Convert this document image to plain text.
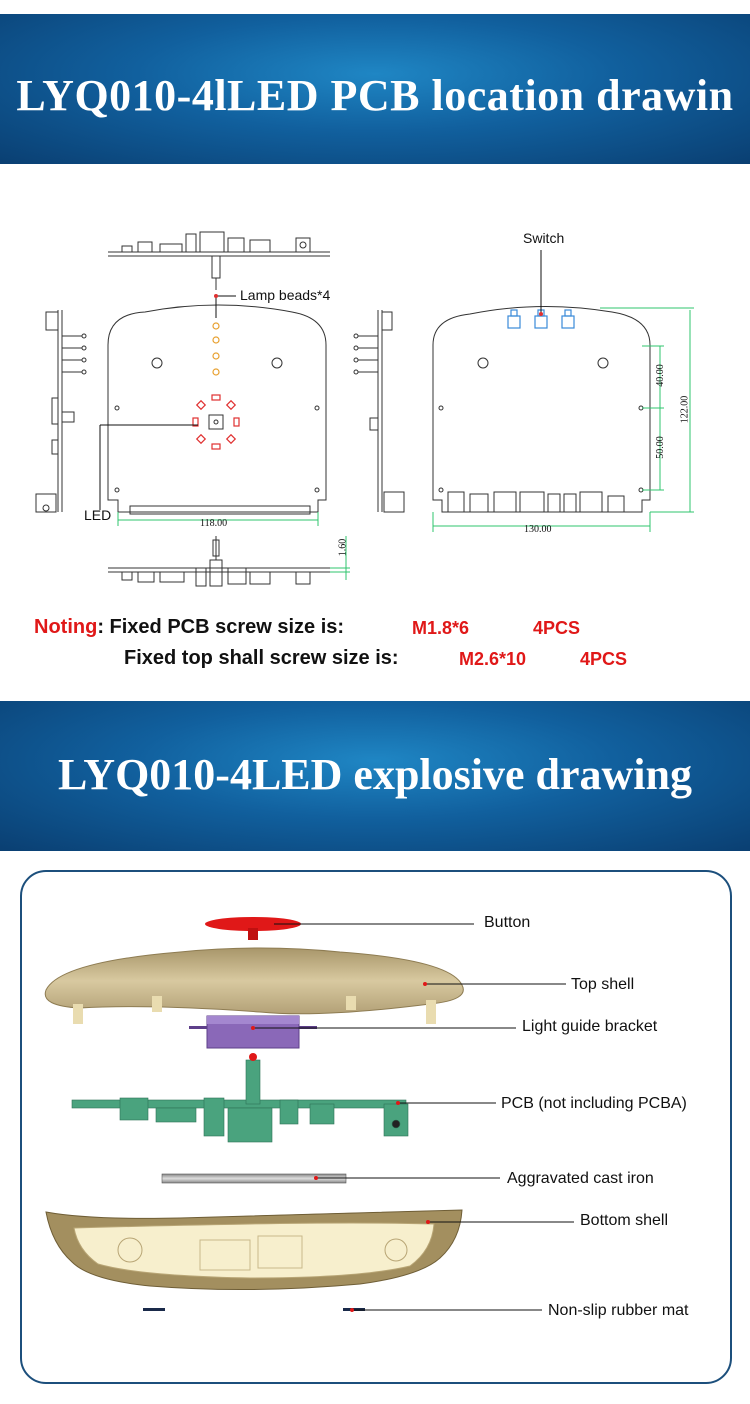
LYQ010-4lLED PCB location drawin
Switch
Lamp beads*4
LED
118.00
130.00
122.00
40.00
50.00
1.60
Noting: Fixed PCB screw size is:	M1.8*6	4PCS
Fixed top shall screw size is:	M2.6*10	4PCS
LYQ010-4LED explosive drawing
Button
Top shell
Light guide bracket
PCB (not including PCBA)
Aggravated cast iron
Bottom shell
Non-slip rubber mat
